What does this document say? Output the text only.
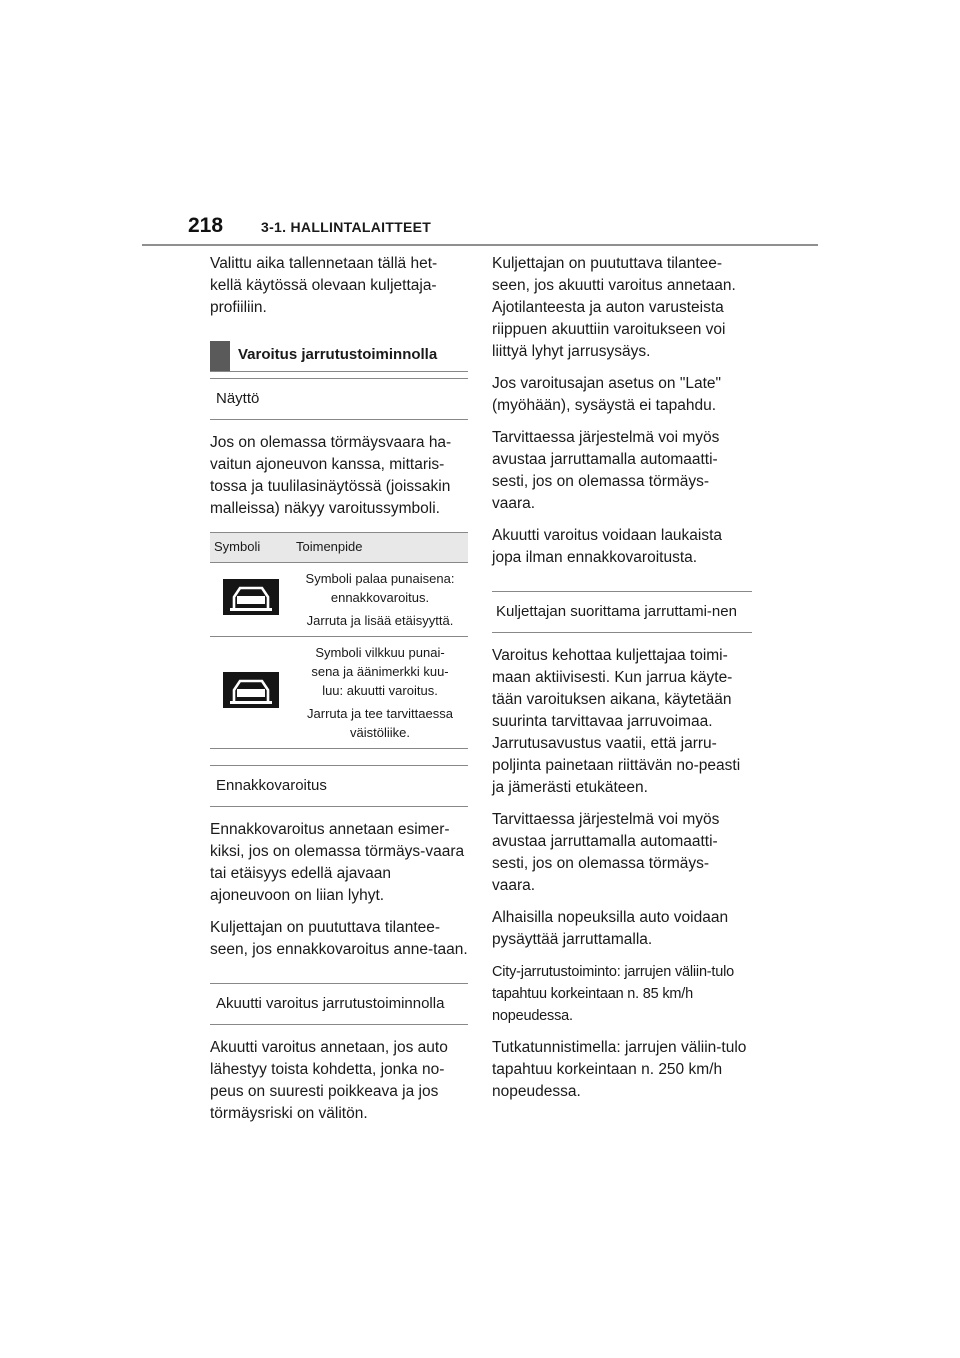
218	3-1. HALLINTALAITTEET

Valittu aika tallennetaan tällä het-kellä käytössä olevaan kuljettaja-profiiliin.

Varoitus jarrutustoiminnolla
Näyttö

Jos on olemassa törmäysvaara ha-vaitun ajoneuvon kanssa, mittaris-tossa ja tuulilasinäytössä (joissakin malleissa) näkyy varoitussymboli.

Symboli	Toimenpide

Symboli palaa punaisena:
ennakkovaroitus.
Jarruta ja lisää etäisyyttä.

Symboli vilkkuu punai-
sena ja äänimerkki kuu-
luu: akuutti varoitus.
Jarruta ja tee tarvittaessa
väistöliike.
Ennakkovaroitus

Ennakkovaroitus annetaan esimer-kiksi, jos on olemassa törmäys-vaara tai etäisyys edellä ajavaan ajoneuvoon on liian lyhyt.

Kuljettajan on puututtava tilantee-seen, jos ennakkovaroitus anne-taan.

Akuutti varoitus jarrutustoiminnolla

Akuutti varoitus annetaan, jos auto lähestyy toista kohdetta, jonka no-peus on suuresti poikkeava ja jos törmäysriski on välitön.

Kuljettajan on puututtava tilantee-seen, jos akuutti varoitus annetaan. Ajotilanteesta ja auton varusteista riippuen akuuttiin varoitukseen voi liittyä lyhyt jarrusysäys.

Jos varoitusajan asetus on "Late" (myöhään), sysäystä ei tapahdu.

Tarvittaessa järjestelmä voi myös avustaa jarruttamalla automaatti-sesti, jos on olemassa törmäys-vaara.

Akuutti varoitus voidaan laukaista jopa ilman ennakkovaroitusta.

Kuljettajan suorittama jarruttami-nen

Varoitus kehottaa kuljettajaa toimi-maan aktiivisesti. Kun jarrua käyte-tään varoituksen aikana, käytetään suurinta tarvittavaa jarruvoimaa. Jarrutusavustus vaatii, että jarru-poljinta painetaan riittävän no-peasti ja jämerästi etukäteen.

Tarvittaessa järjestelmä voi myös avustaa jarruttamalla automaatti-sesti, jos on olemassa törmäys-vaara.

Alhaisilla nopeuksilla auto voidaan pysäyttää jarruttamalla.

City-jarrutustoiminto: jarrujen väliin-tulo tapahtuu korkeintaan n. 85 km/h nopeudessa.

Tutkatunnistimella: jarrujen väliin-tulo tapahtuu korkeintaan n. 250 km/h nopeudessa.
